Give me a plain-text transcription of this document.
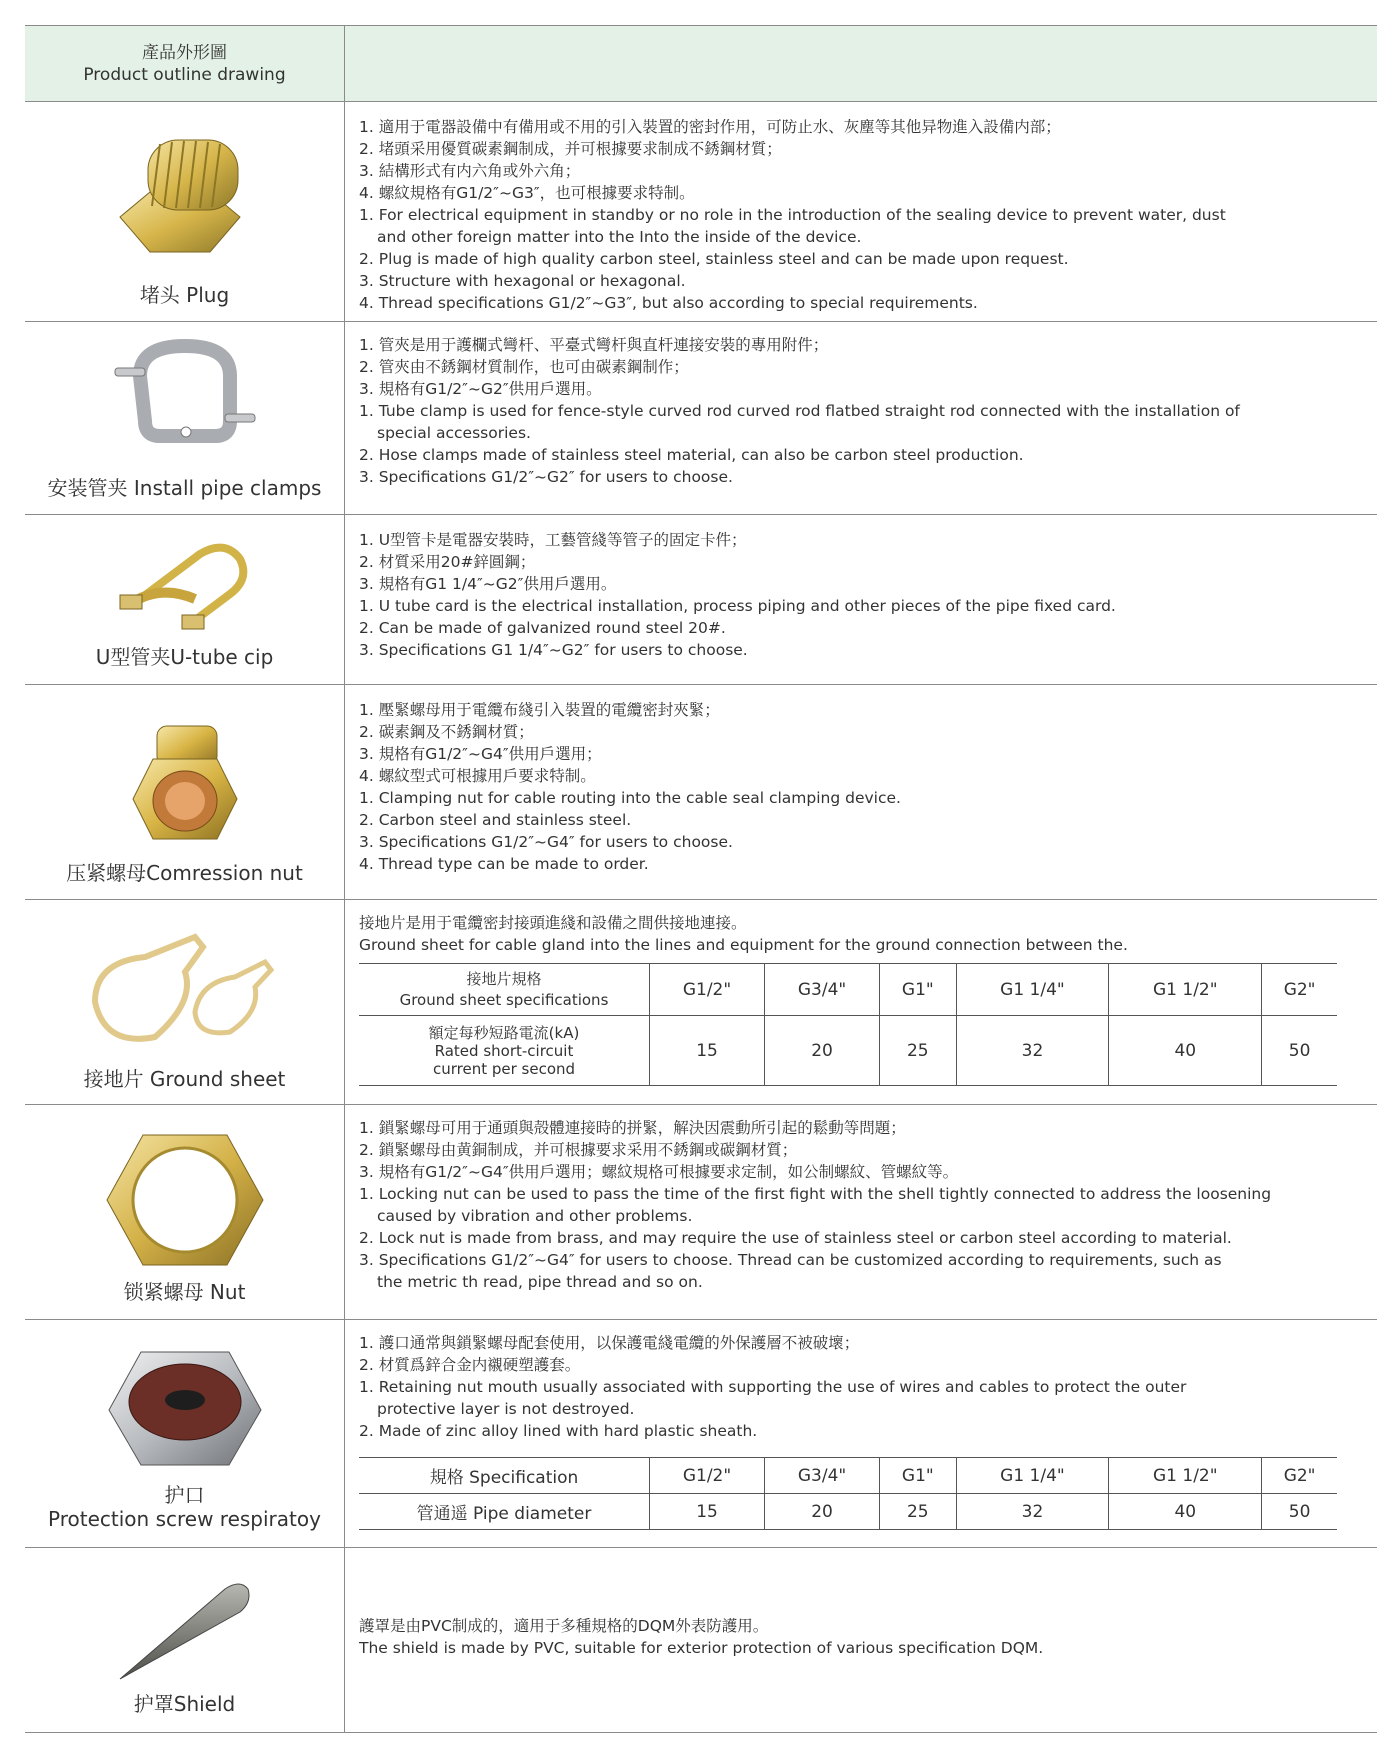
產品外形圖
Product outline drawing
堵头 Plug

1. 適用于電器設備中有備用或不用的引入裝置的密封作用，可防止水、灰塵等其他异物進入設備内部；

2. 堵頭采用優質碳素鋼制成，并可根據要求制成不銹鋼材質；

3. 結構形式有内六角或外六角；

4. 螺紋規格有G1/2″~G3″，也可根據要求特制。

1. For electrical equipment in standby or no role in the introduction of the sealing device to prevent water, dust

and other foreign matter into the Into the inside of the device.

2. Plug is made of high quality carbon steel, stainless steel and can be made upon request.

3. Structure with hexagonal or hexagonal.

4. Thread specifications G1/2″~G3″, but also according to special requirements.

安装管夹 Install pipe clamps

1. 管夾是用于護欄式彎杆、平臺式彎杆與直杆連接安裝的專用附件；

2. 管夾由不銹鋼材質制作，也可由碳素鋼制作；

3. 規格有G1/2″~G2″供用戶選用。

1. Tube clamp is used for fence-style curved rod curved rod flatbed straight rod connected with the installation of

special accessories.

2. Hose clamps made of stainless steel material, can also be carbon steel production.

3. Specifications G1/2″~G2″ for users to choose.

U型管夹U-tube cip

1. U型管卡是電器安裝時，工藝管綫等管子的固定卡件；

2. 材質采用20#鋅圓鋼；

3. 規格有G1 1/4″~G2″供用戶選用。

1. U tube card is the electrical installation, process piping and other pieces of the pipe fixed card.

2. Can be made of galvanized round steel 20#.

3. Specifications G1 1/4″~G2″ for users to choose.

压紧螺母Comression nut

1. 壓緊螺母用于電纜布綫引入裝置的電纜密封夾緊；

2. 碳素鋼及不銹鋼材質；

3. 規格有G1/2″~G4″供用戶選用；

4. 螺紋型式可根據用戶要求特制。

1. Clamping nut for cable routing into the cable seal clamping device.

2. Carbon steel and stainless steel.

3. Specifications G1/2″~G4″ for users to choose.

4. Thread type can be made to order.

接地片 Ground sheet

接地片是用于電纜密封接頭進綫和設備之間供接地連接。

Ground sheet for cable gland into the lines and equipment for the ground connection between the.

接地片規格
Ground sheet specifications	G1/2"	G3/4"	G1"	G1 1/4"	G1 1/2"	G2"

額定每秒短路電流(kA)
Rated short-circuit
current per second	15	20	25	32	40	50
锁紧螺母 Nut

1. 鎖緊螺母可用于通頭與殻體連接時的拼緊，解決因震動所引起的鬆動等問題；

2. 鎖緊螺母由黄銅制成，并可根據要求采用不銹鋼或碳鋼材質；

3. 規格有G1/2″~G4″供用戶選用；螺紋規格可根據要求定制，如公制螺紋、管螺紋等。

1. Locking nut can be used to pass the time of the first fight with the shell tightly connected to address the loosening

caused by vibration and other problems.

2. Lock nut is made from brass, and may require the use of stainless steel or carbon steel according to material.

3. Specifications G1/2″~G4″ for users to choose. Thread can be customized according to requirements, such as

the metric th read, pipe thread and so on.

护口
Protection screw respiratoy

1. 護口通常與鎖緊螺母配套使用，以保護電綫電纜的外保護層不被破壞；

2. 材質爲鋅合金内襯硬塑護套。

1. Retaining nut mouth usually associated with supporting the use of wires and cables to protect the outer

protective layer is not destroyed.

2. Made of zinc alloy lined with hard plastic sheath.

規格 Specification	G1/2"	G3/4"	G1"	G1 1/4"	G1 1/2"	G2"
管通遥 Pipe diameter	15	20	25	32	40	50
护罩Shield

護罩是由PVC制成的，適用于多種規格的DQM外表防護用。

The shield is made by PVC, suitable for exterior protection of various specification DQM.
